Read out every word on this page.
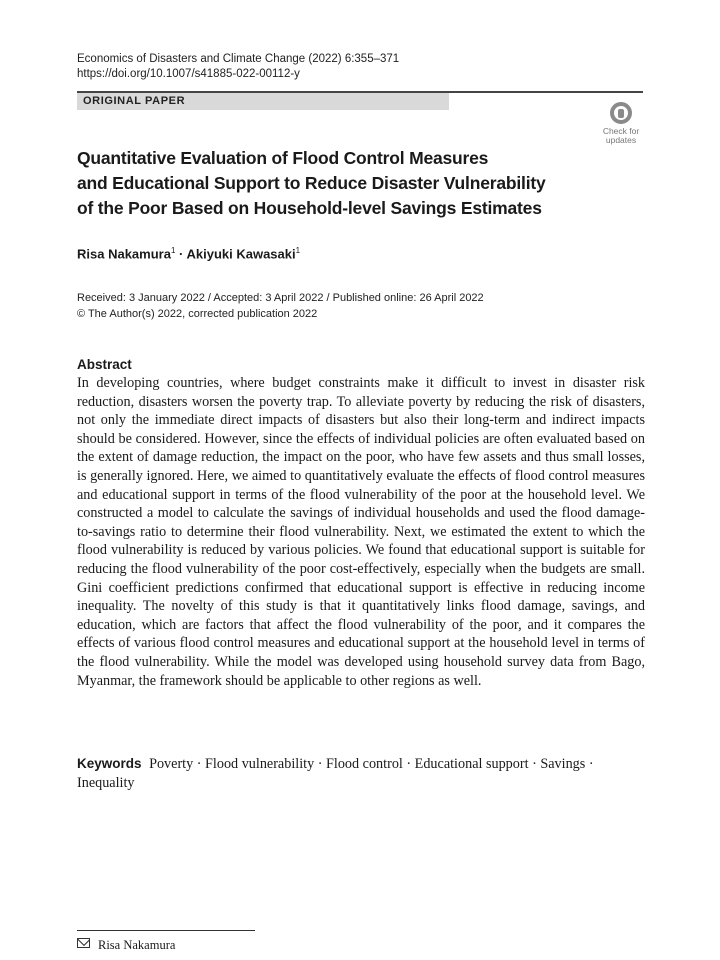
Economics of Disasters and Climate Change (2022) 6:355–371
https://doi.org/10.1007/s41885-022-00112-y
ORIGINAL PAPER
Check for
updates
Quantitative Evaluation of Flood Control Measures
and Educational Support to Reduce Disaster Vulnerability
of the Poor Based on Household-level Savings Estimates
Risa Nakamura$^1$ · Akiyuki Kawasaki$^1$
Received: 3 January 2022 / Accepted: 3 April 2022 / Published online: 26 April 2022
© The Author(s) 2022, corrected publication 2022
Abstract

In developing countries, where budget constraints make it difficult to invest in disaster risk reduction, disasters worsen the poverty trap. To alleviate poverty by reducing the risk of disasters, not only the immediate direct impacts of disasters but also their long-term and indirect impacts should be considered. However, since the effects of individual policies are often evaluated based on the extent of damage reduction, the impact on the poor, who have few assets and thus small losses, is generally ignored. Here, we aimed to quantitatively evaluate the effects of flood control measures and educational support in terms of the flood vulnerability of the poor at the household level. We constructed a model to calculate the savings of individual households and used the flood damage-to-savings ratio to determine their flood vulnerability. Next, we estimated the extent to which the flood vulnerability is reduced by various policies. We found that educational support is suitable for reducing the flood vulnerability of the poor cost-effectively, especially when the budgets are small. Gini coefficient predictions confirmed that educational support is effective in reducing income inequality. The novelty of this study is that it quantitatively links flood damage, savings, and education, which are factors that affect the flood vulnerability of the poor, and it compares the effects of various flood control measures and educational support at the household level in terms of the flood vulnerability. While the model was developed using household survey data from Bago, Myanmar, the framework should be applicable to other regions as well.

Keywords Poverty · Flood vulnerability · Flood control · Educational support · Savings · Inequality
Risa Nakamura
